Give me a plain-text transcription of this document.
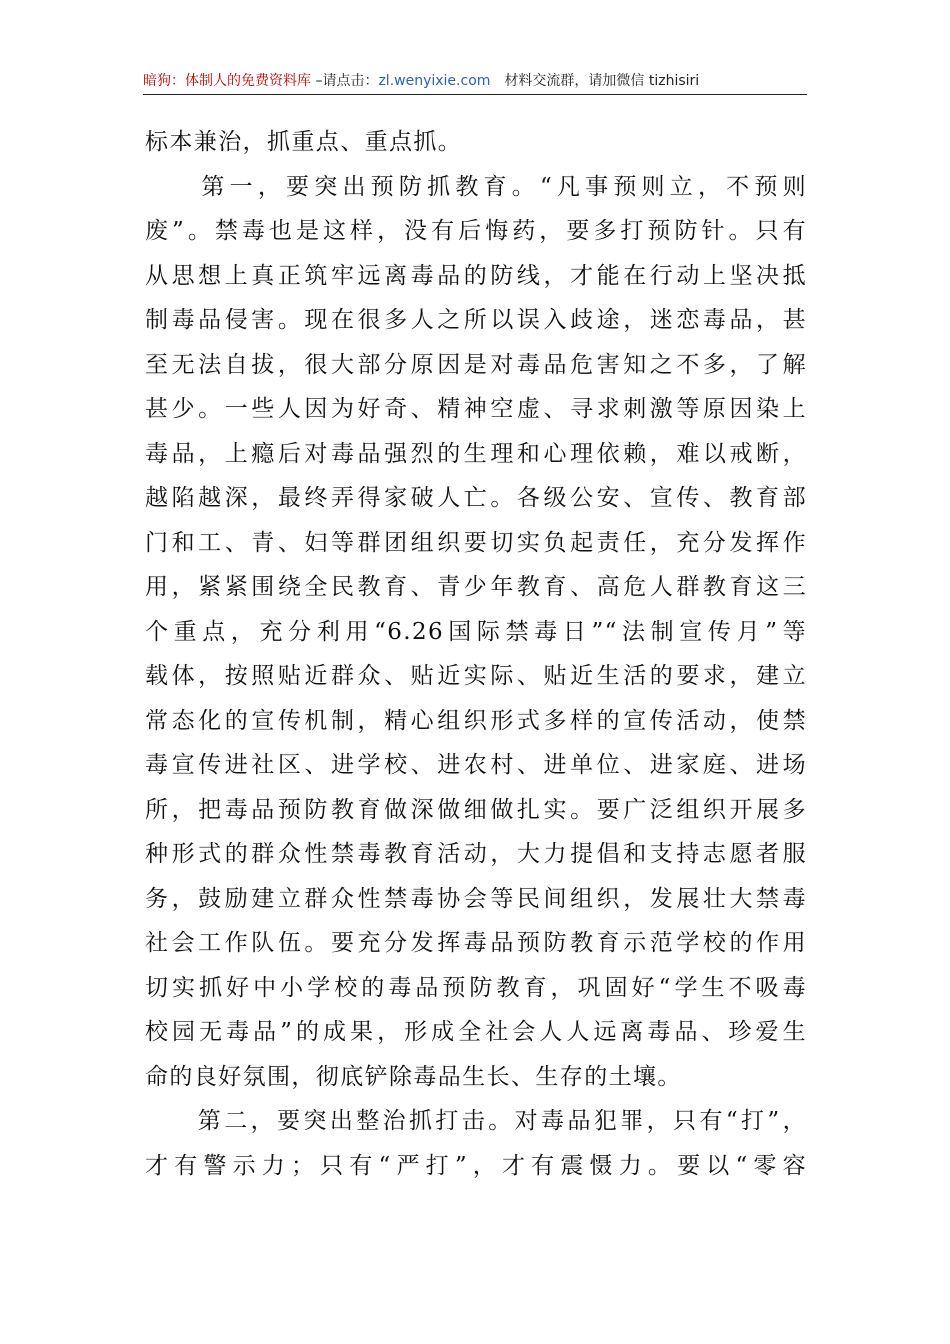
暗狗：体制人的免费资料库 –请点击：zl.wenyixie.com 材料交流群，请加微信 tizhisiri
标本兼治，抓重点、重点抓。
　　第一，要突出预防抓教育。“凡事预则立，不预则
废”。禁毒也是这样，没有后悔药，要多打预防针。只有
从思想上真正筑牢远离毒品的防线，才能在行动上坚决抵
制毒品侵害。现在很多人之所以误入歧途，迷恋毒品，甚
至无法自拔，很大部分原因是对毒品危害知之不多，了解
甚少。一些人因为好奇、精神空虚、寻求刺激等原因染上
毒品，上瘾后对毒品强烈的生理和心理依赖，难以戒断，
越陷越深，最终弄得家破人亡。各级公安、宣传、教育部
门和工、青、妇等群团组织要切实负起责任，充分发挥作
用，紧紧围绕全民教育、青少年教育、高危人群教育这三
个重点，充分利用“6.26国际禁毒日”“法制宣传月”等
载体，按照贴近群众、贴近实际、贴近生活的要求，建立
常态化的宣传机制，精心组织形式多样的宣传活动，使禁
毒宣传进社区、进学校、进农村、进单位、进家庭、进场
所，把毒品预防教育做深做细做扎实。要广泛组织开展多
种形式的群众性禁毒教育活动，大力提倡和支持志愿者服
务，鼓励建立群众性禁毒协会等民间组织，发展壮大禁毒
社会工作队伍。要充分发挥毒品预防教育示范学校的作用
切实抓好中小学校的毒品预防教育，巩固好“学生不吸毒
校园无毒品”的成果，形成全社会人人远离毒品、珍爱生
命的良好氛围，彻底铲除毒品生长、生存的土壤。
　　第二，要突出整治抓打击。对毒品犯罪，只有“打”，
才有警示力；只有“严打”，才有震慑力。要以“零容
